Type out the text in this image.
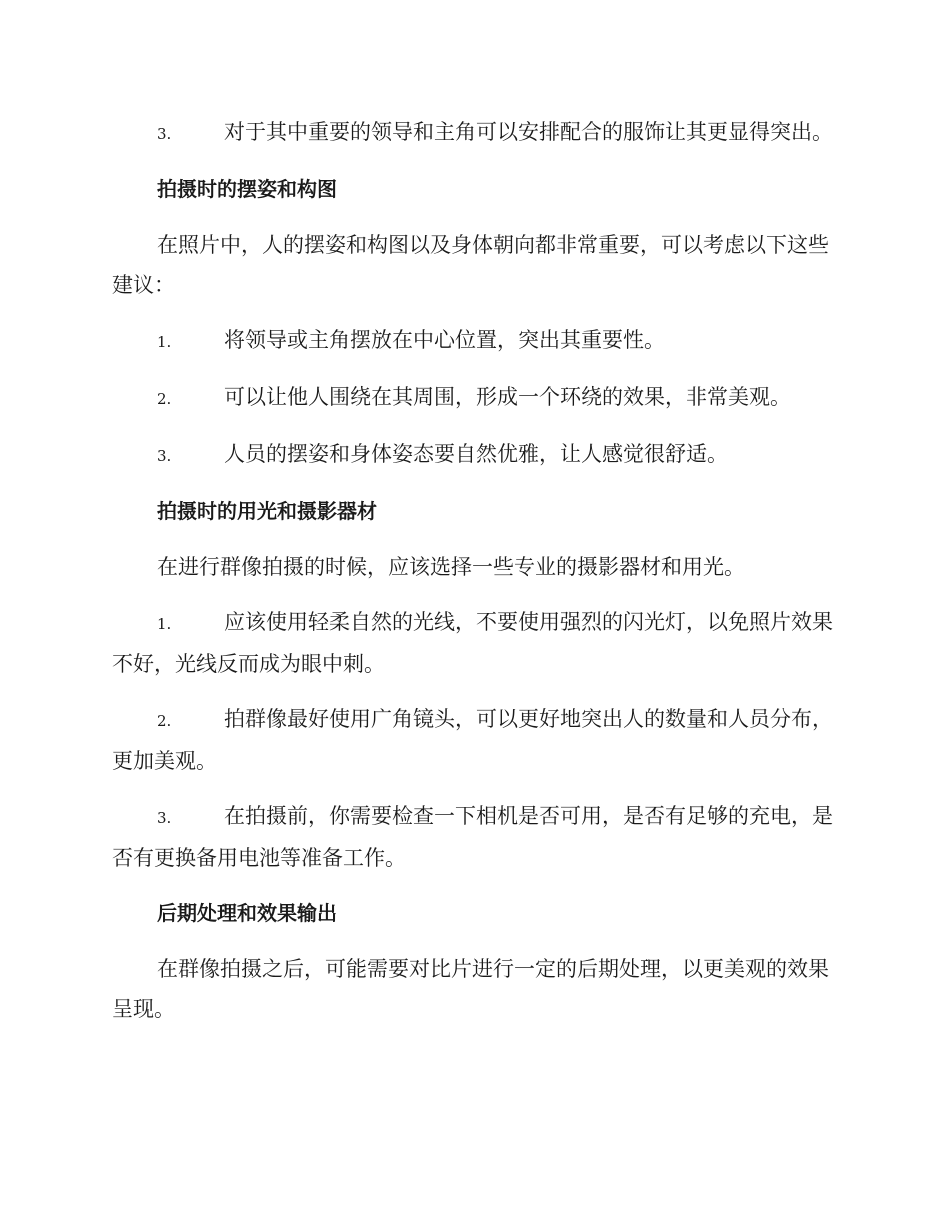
3.	对于其中重要的领导和主角可以安排配合的服饰让其更显得突出。

拍摄时的摆姿和构图

在照片中，人的摆姿和构图以及身体朝向都非常重要，可以考虑以下这些建议：

1.	将领导或主角摆放在中心位置，突出其重要性。

2.	可以让他人围绕在其周围，形成一个环绕的效果，非常美观。

3.	人员的摆姿和身体姿态要自然优雅，让人感觉很舒适。

拍摄时的用光和摄影器材

在进行群像拍摄的时候，应该选择一些专业的摄影器材和用光。

1.	应该使用轻柔自然的光线，不要使用强烈的闪光灯，以免照片效果不好，光线反而成为眼中刺。

2.	拍群像最好使用广角镜头，可以更好地突出人的数量和人员分布，更加美观。

3.	在拍摄前，你需要检查一下相机是否可用，是否有足够的充电，是否有更换备用电池等准备工作。

后期处理和效果输出

在群像拍摄之后，可能需要对比片进行一定的后期处理，以更美观的效果呈现。
